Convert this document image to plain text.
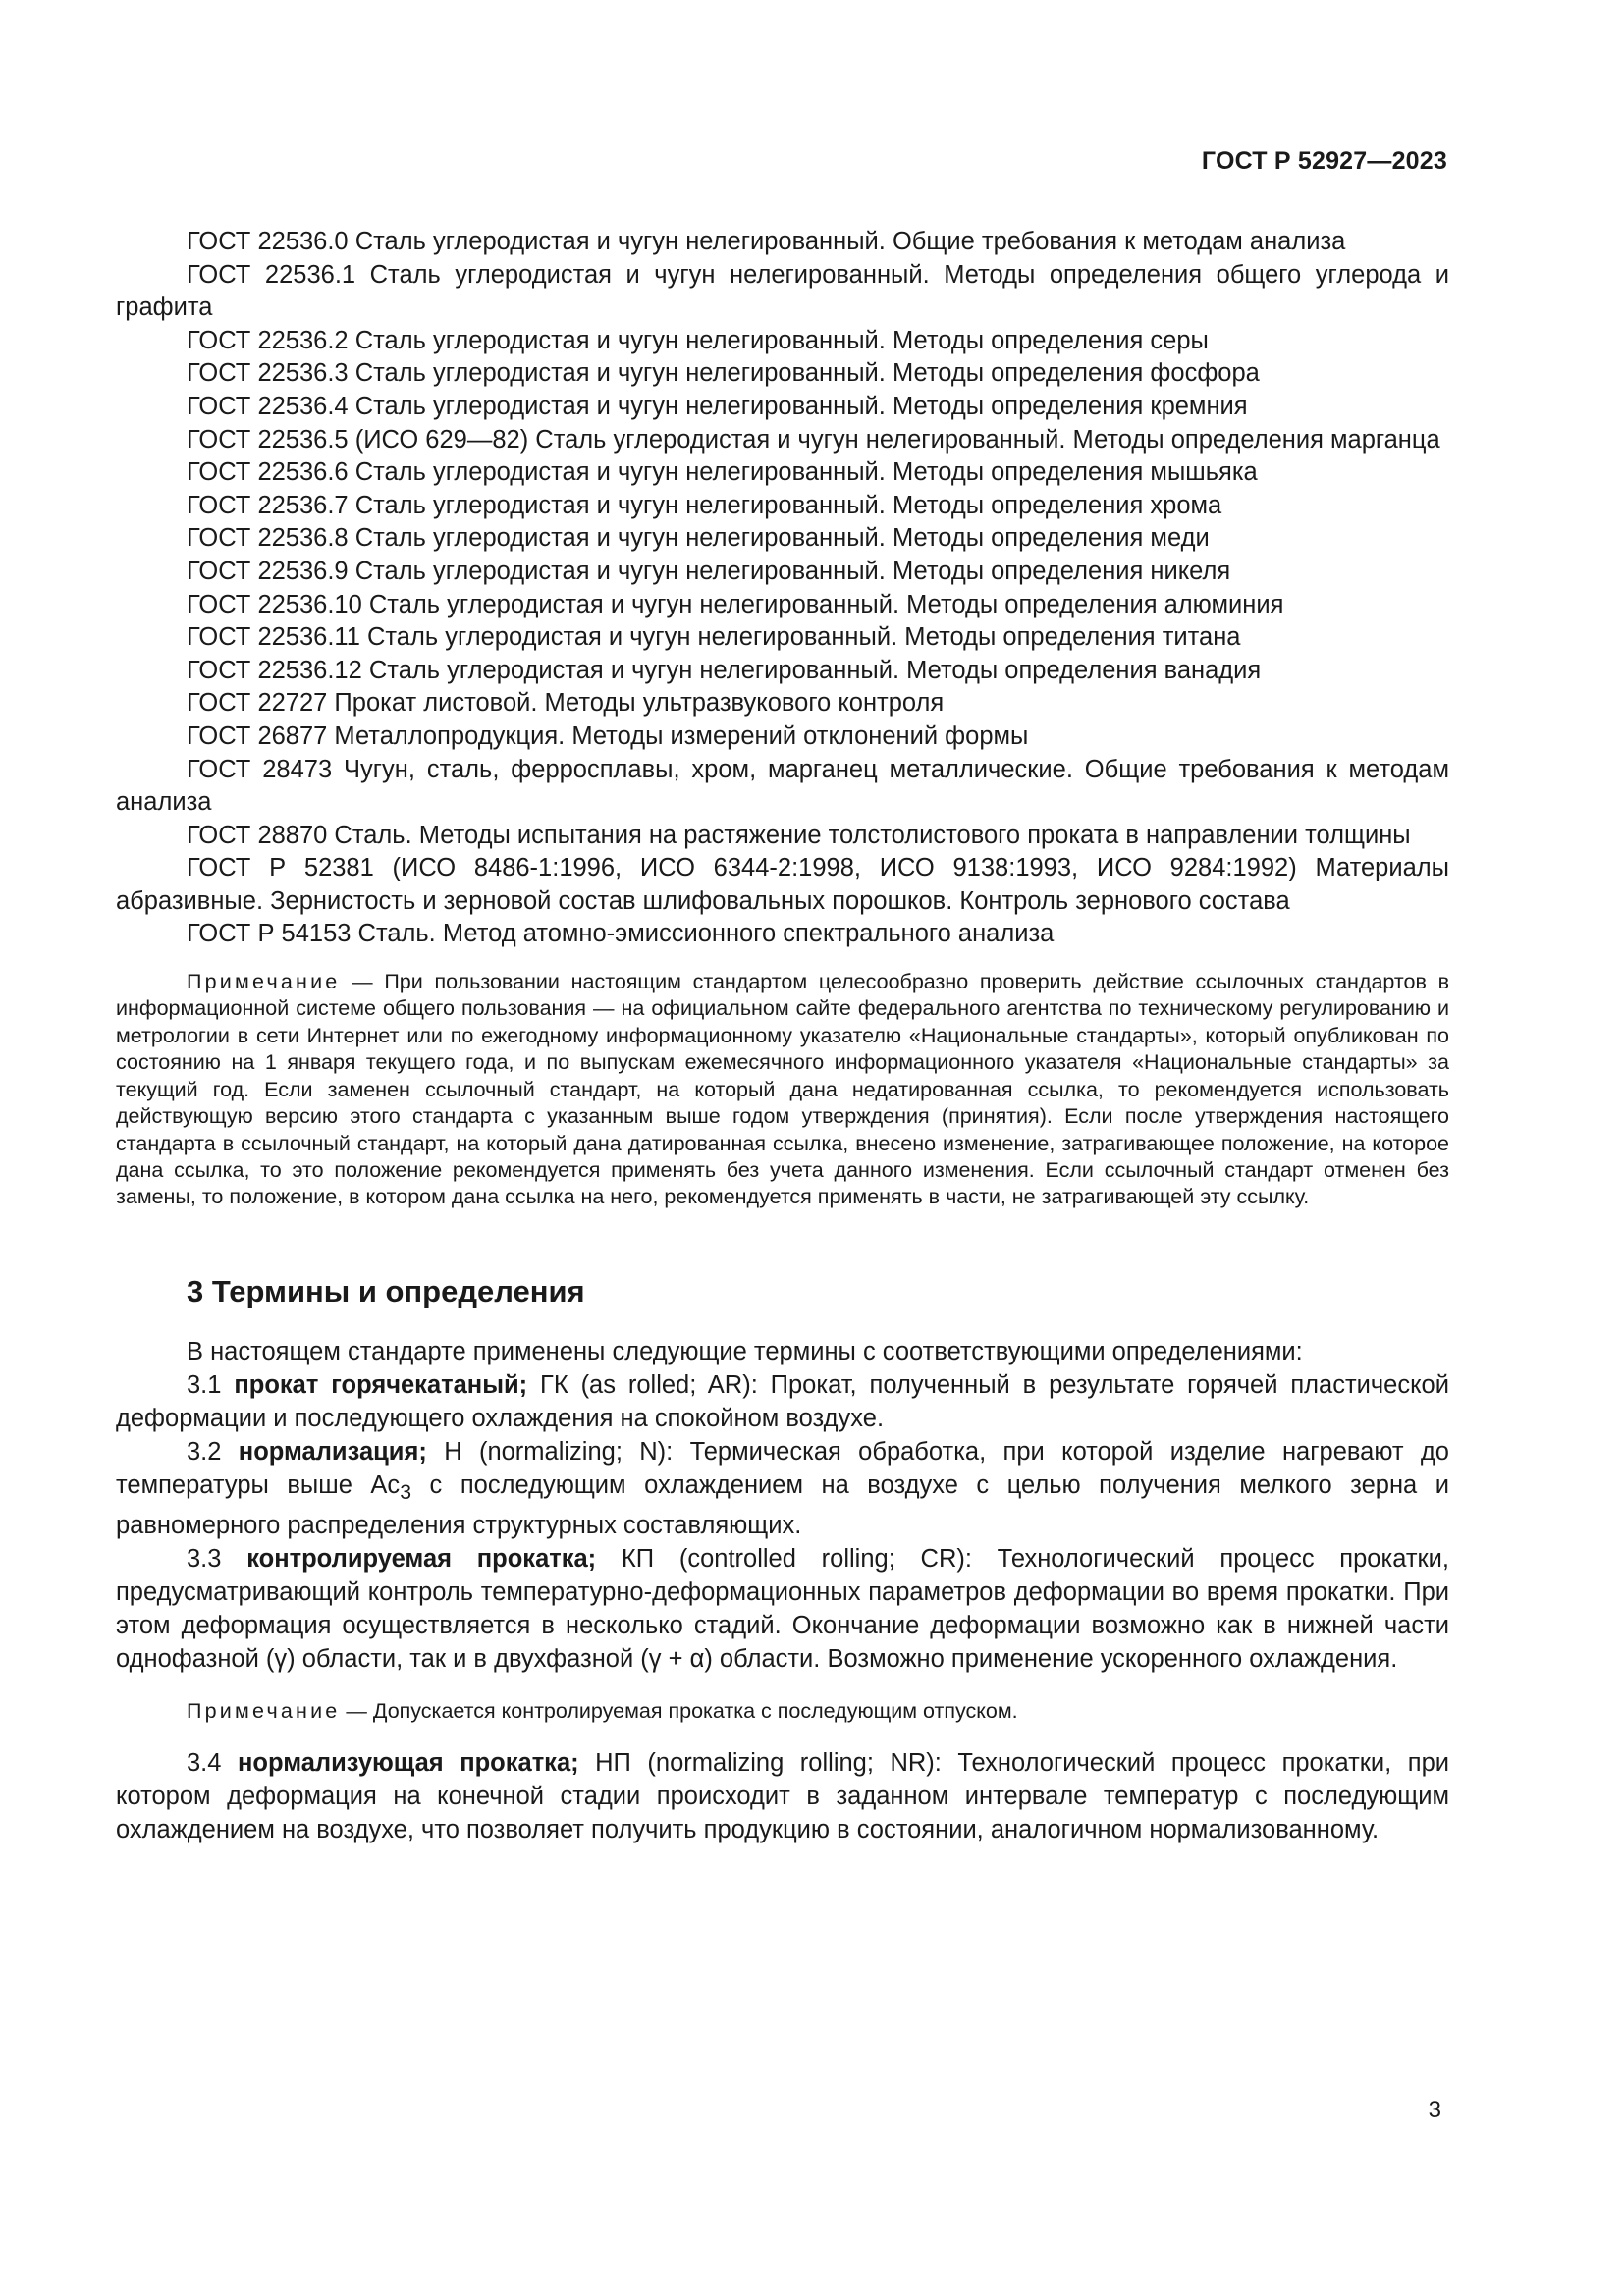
ГОСТ Р 52927—2023

ГОСТ 22536.0 Сталь углеродистая и чугун нелегированный. Общие требования к методам анализа

ГОСТ 22536.1 Сталь углеродистая и чугун нелегированный. Методы определения общего углерода и графита

ГОСТ 22536.2 Сталь углеродистая и чугун нелегированный. Методы определения серы

ГОСТ 22536.3 Сталь углеродистая и чугун нелегированный. Методы определения фосфора

ГОСТ 22536.4 Сталь углеродистая и чугун нелегированный. Методы определения кремния

ГОСТ 22536.5 (ИСО 629—82) Сталь углеродистая и чугун нелегированный. Методы определения марганца

ГОСТ 22536.6 Сталь углеродистая и чугун нелегированный. Методы определения мышьяка

ГОСТ 22536.7 Сталь углеродистая и чугун нелегированный. Методы определения хрома

ГОСТ 22536.8 Сталь углеродистая и чугун нелегированный. Методы определения меди

ГОСТ 22536.9 Сталь углеродистая и чугун нелегированный. Методы определения никеля

ГОСТ 22536.10 Сталь углеродистая и чугун нелегированный. Методы определения алюминия

ГОСТ 22536.11 Сталь углеродистая и чугун нелегированный. Методы определения титана

ГОСТ 22536.12 Сталь углеродистая и чугун нелегированный. Методы определения ванадия

ГОСТ 22727 Прокат листовой. Методы ультразвукового контроля

ГОСТ 26877 Металлопродукция. Методы измерений отклонений формы

ГОСТ 28473 Чугун, сталь, ферросплавы, хром, марганец металлические. Общие требования к методам анализа

ГОСТ 28870 Сталь. Методы испытания на растяжение толстолистового проката в направлении толщины

ГОСТ Р 52381 (ИСО 8486-1:1996, ИСО 6344-2:1998, ИСО 9138:1993, ИСО 9284:1992) Материалы абразивные. Зернистость и зерновой состав шлифовальных порошков. Контроль зернового состава

ГОСТ Р 54153 Сталь. Метод атомно-эмиссионного спектрального анализа

Примечание — При пользовании настоящим стандартом целесообразно проверить действие ссылочных стандартов в информационной системе общего пользования — на официальном сайте федерального агентства по техническому регулированию и метрологии в сети Интернет или по ежегодному информационному указателю «Национальные стандарты», который опубликован по состоянию на 1 января текущего года, и по выпускам ежемесячного информационного указателя «Национальные стандарты» за текущий год. Если заменен ссылочный стандарт, на который дана недатированная ссылка, то рекомендуется использовать действующую версию этого стандарта с указанным выше годом утверждения (принятия). Если после утверждения настоящего стандарта в ссылочный стандарт, на который дана датированная ссылка, внесено изменение, затрагивающее положение, на которое дана ссылка, то это положение рекомендуется применять без учета данного изменения. Если ссылочный стандарт отменен без замены, то положение, в котором дана ссылка на него, рекомендуется применять в части, не затрагивающей эту ссылку.

3 Термины и определения

В настоящем стандарте применены следующие термины с соответствующими определениями:

3.1 прокат горячекатаный; ГК (as rolled; AR): Прокат, полученный в результате горячей пластической деформации и последующего охлаждения на спокойном воздухе.

3.2 нормализация; Н (normalizing; N): Термическая обработка, при которой изделие нагревают до температуры выше $Ac_3$ с последующим охлаждением на воздухе с целью получения мелкого зерна и равномерного распределения структурных составляющих.

3.3 контролируемая прокатка; КП (controlled rolling; CR): Технологический процесс прокатки, предусматривающий контроль температурно-деформационных параметров деформации во время прокатки. При этом деформация осуществляется в несколько стадий. Окончание деформации возможно как в нижней части однофазной (γ) области, так и в двухфазной (γ + α) области. Возможно применение ускоренного охлаждения.

Примечание — Допускается контролируемая прокатка с последующим отпуском.

3.4 нормализующая прокатка; НП (normalizing rolling; NR): Технологический процесс прокатки, при котором деформация на конечной стадии происходит в заданном интервале температур с последующим охлаждением на воздухе, что позволяет получить продукцию в состоянии, аналогичном нормализованному.

3
